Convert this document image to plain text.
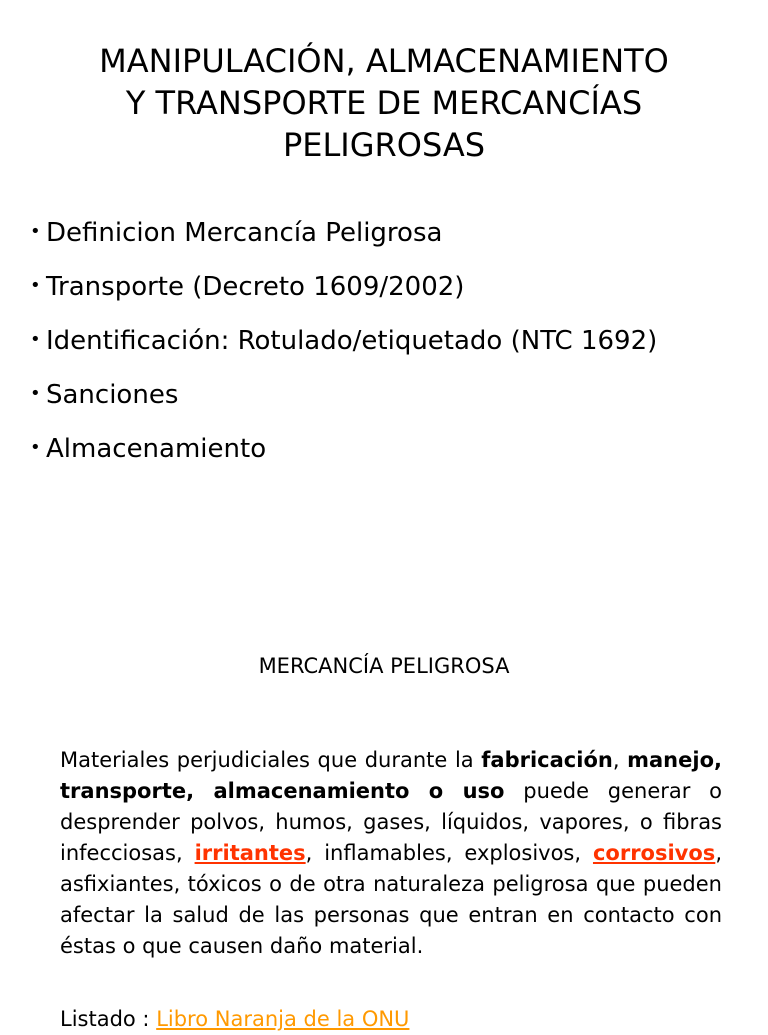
MANIPULACIÓN, ALMACENAMIENTO
Y TRANSPORTE DE MERCANCÍAS
PELIGROSAS
• Definicion Mercancía Peligrosa
• Transporte (Decreto 1609/2002)
• Identificación: Rotulado/etiquetado (NTC 1692)
• Sanciones
• Almacenamiento
MERCANCÍA PELIGROSA

Materiales perjudiciales que durante la fabricación, manejo, transporte, almacenamiento o uso puede generar o desprender polvos, humos, gases, líquidos, vapores, o fibras infecciosas, irritantes, inflamables, explosivos, corrosivos, asfixiantes, tóxicos o de otra naturaleza peligrosa que pueden afectar la salud de las personas que entran en contacto con éstas o que causen daño material.

Listado : Libro Naranja de la ONU
